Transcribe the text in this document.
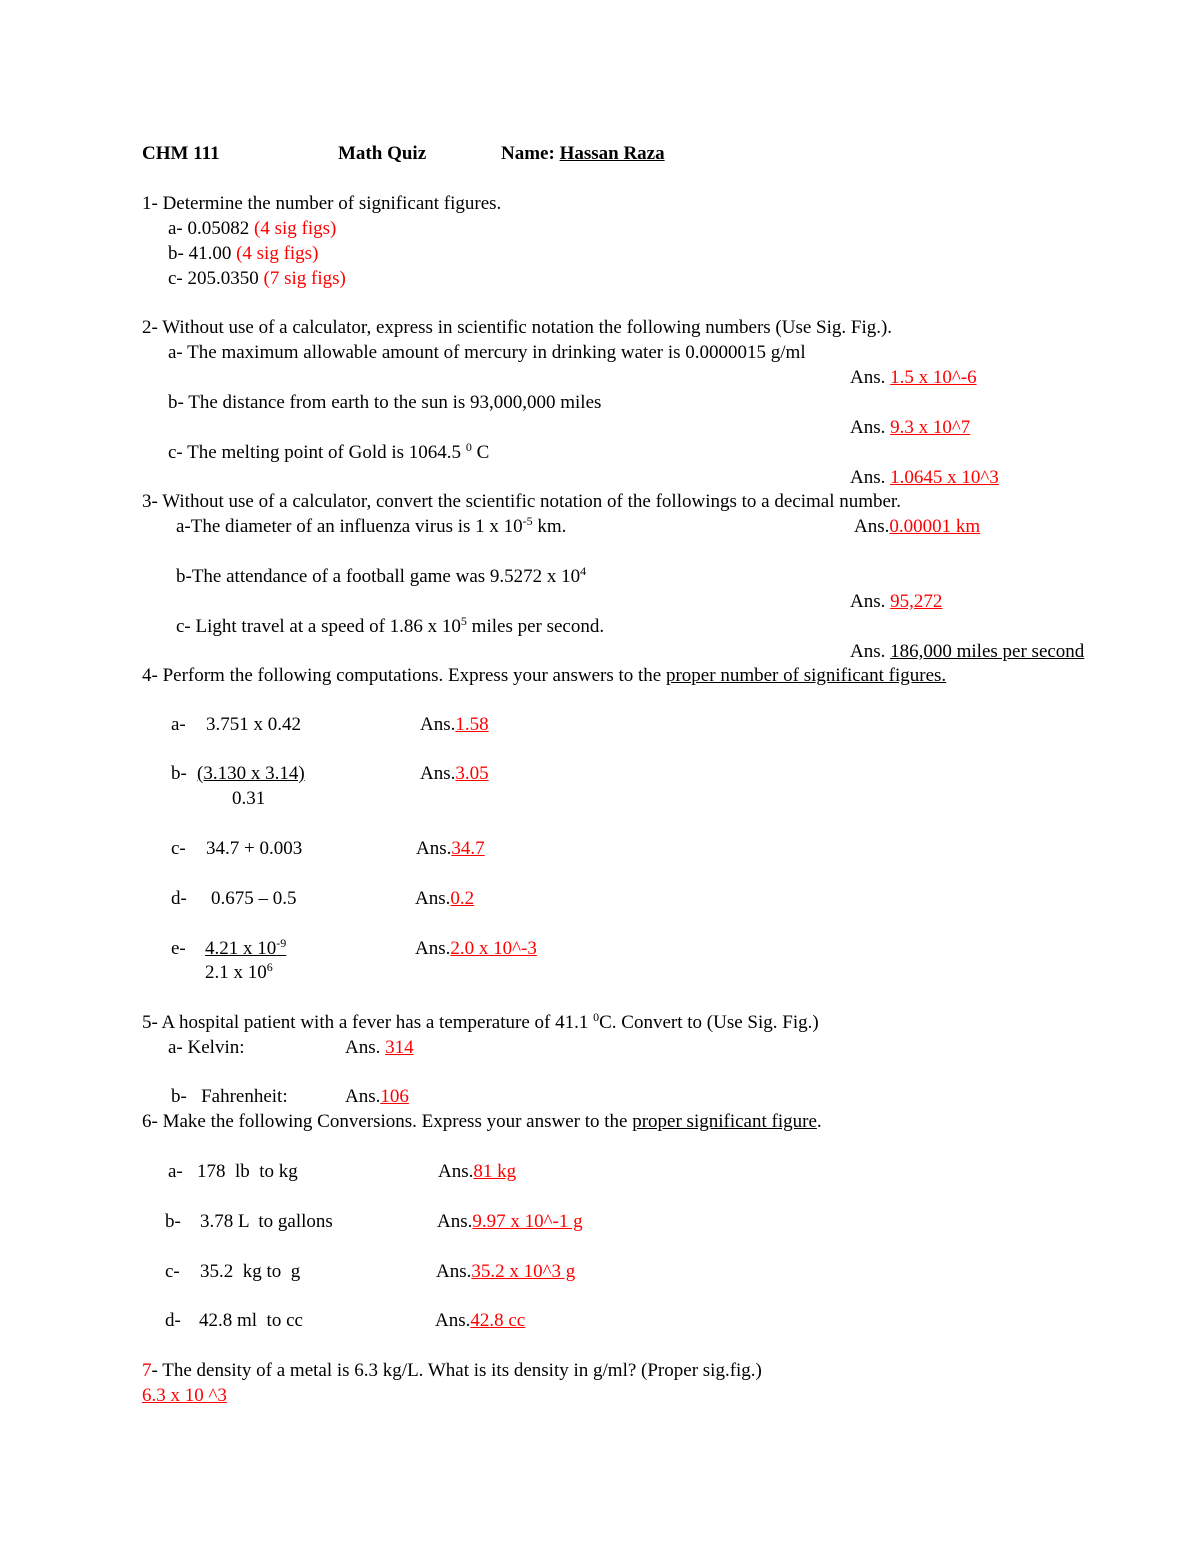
CHM 111	Math Quiz	Name: Hassan Raza
1- Determine the number of significant figures.
a- 0.05082 (4 sig figs)
b- 41.00 (4 sig figs)
c- 205.0350 (7 sig figs)
2- Without use of a calculator, express in scientific notation the following numbers (Use Sig. Fig.).
a- The maximum allowable amount of mercury in drinking water is 0.0000015 g/ml
Ans. 1.5 x 10^-6
b- The distance from earth to the sun is 93,000,000 miles
Ans. 9.3 x 10^7
c- The melting point of Gold is 1064.5 $^0$ C
Ans. 1.0645 x 10^3
3- Without use of a calculator, convert the scientific notation of the followings to a decimal number.
a-The diameter of an influenza virus is 1 x $10^{-5}$ km.	Ans.0.00001 km
b-The attendance of a football game was 9.5272 x $10^4$
Ans. 95,272
c- Light travel at a speed of 1.86 x $10^5$ miles per second.
Ans. 186,000 miles per second
4- Perform the following computations. Express your answers to the proper number of significant figures.
a- 3.751 x 0.42	Ans.1.58
b- (3.130 x 3.14)
0.31
Ans.3.05
c- 34.7 + 0.003	Ans.34.7
d- 0.675 – 0.5	Ans.0.2
e- 4.21 x $10^{-9}$
2.1 x $10^6$
Ans.2.0 x 10^-3
5- A hospital patient with a fever has a temperature of 41.1 $^0$C. Convert to (Use Sig. Fig.)
a- Kelvin:	Ans. 314
b-   Fahrenheit:	Ans.106
6- Make the following Conversions. Express your answer to the proper significant figure.
a- 178  lb  to kg	Ans.81 kg
b- 3.78 L  to gallons	Ans.9.97 x 10^-1 g
c- 35.2  kg to  g	Ans.35.2 x 10^3 g
d- 42.8 ml  to cc	Ans.42.8 cc
7- The density of a metal is 6.3 kg/L. What is its density in g/ml? (Proper sig.fig.)
6.3 x 10 ^3
